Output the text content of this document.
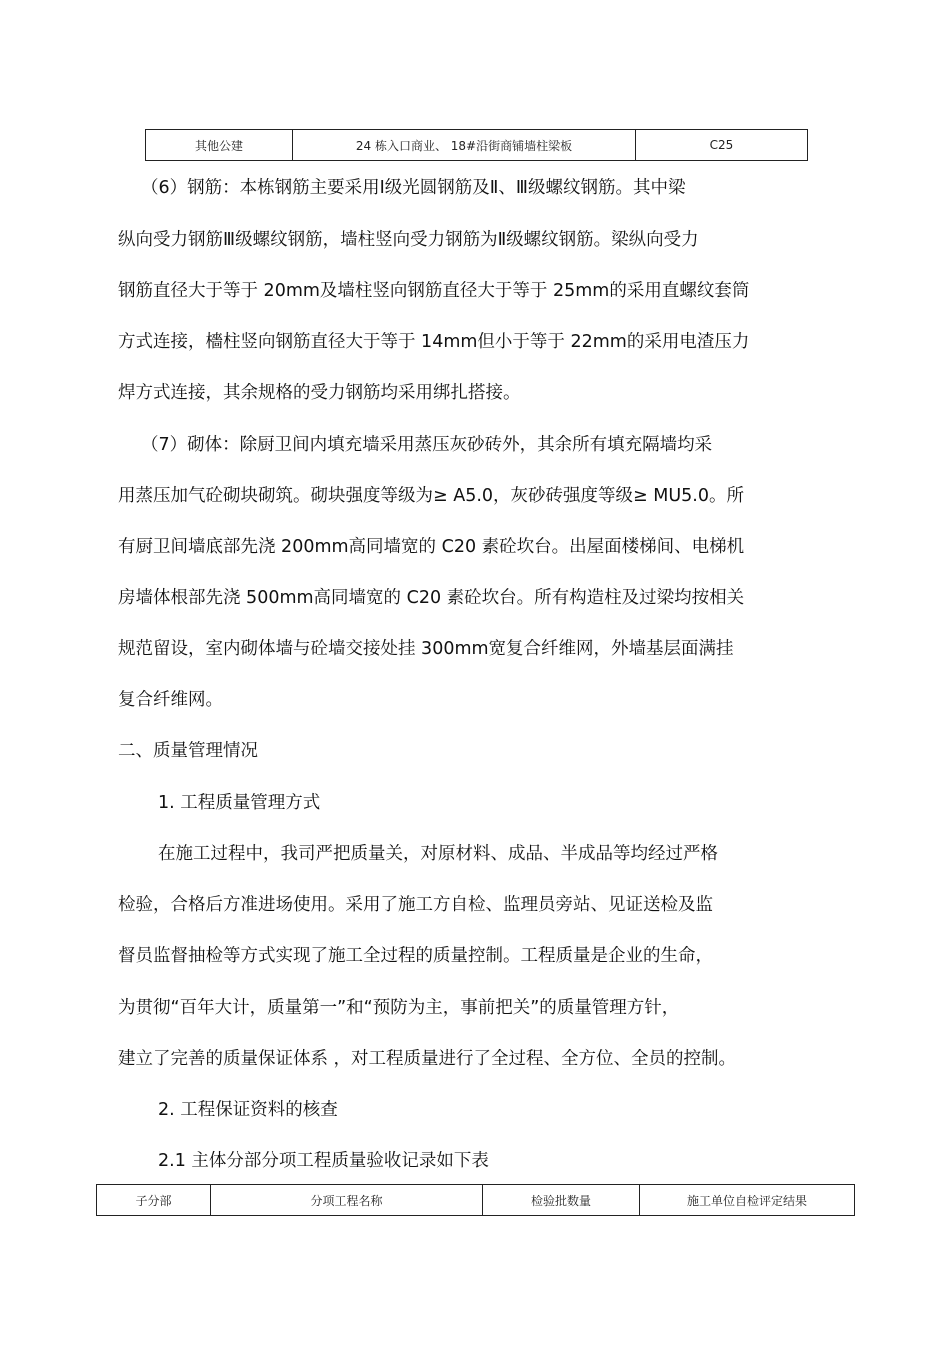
其他公建	24 栋入口商业、 18#沿街商铺墙柱梁板	C25

（6）钢筋：本栋钢筋主要采用Ⅰ级光圆钢筋及Ⅱ、Ⅲ级螺纹钢筋。其中梁

纵向受力钢筋Ⅲ级螺纹钢筋，墙柱竖向受力钢筋为Ⅱ级螺纹钢筋。梁纵向受力

钢筋直径大于等于 20mm及墙柱竖向钢筋直径大于等于 25mm的采用直螺纹套筒

方式连接，檣柱竖向钢筋直径大于等于 14mm但小于等于 22mm的采用电渣压力

焊方式连接，其余规格的受力钢筋均采用绑扎搭接。

（7）砌体：除厨卫间内填充墙采用蒸压灰砂砖外，其余所有填充隔墙均采

用蒸压加气砼砌块砌筑。砌块强度等级为≥ A5.0，灰砂砖强度等级≥ MU5.0。所

有厨卫间墙底部先浇 200mm高同墙宽的 C20 素砼坎台。出屋面楼梯间、电梯机

房墙体根部先浇 500mm高同墙宽的 C20 素砼坎台。所有构造柱及过梁均按相关

规范留设，室内砌体墙与砼墙交接处挂 300mm宽复合纤维网，外墙基层面满挂

复合纤维网。

二、质量管理情况

1. 工程质量管理方式

在施工过程中，我司严把质量关，对原材料、成品、半成品等均经过严格

检验，合格后方准进场使用。采用了施工方自检、监理员旁站、见证送检及监

督员监督抽检等方式实现了施工全过程的质量控制。工程质量是企业的生命，

为贯彻“百年大计，质量第一”和“预防为主，事前把关”的质量管理方针，

建立了完善的质量保证体系 ，对工程质量进行了全过程、全方位、全员的控制。

2. 工程保证资料的核查

2.1 主体分部分项工程质量验收记录如下表

子分部	分项工程名称	检验批数量	施工单位自检评定结果
